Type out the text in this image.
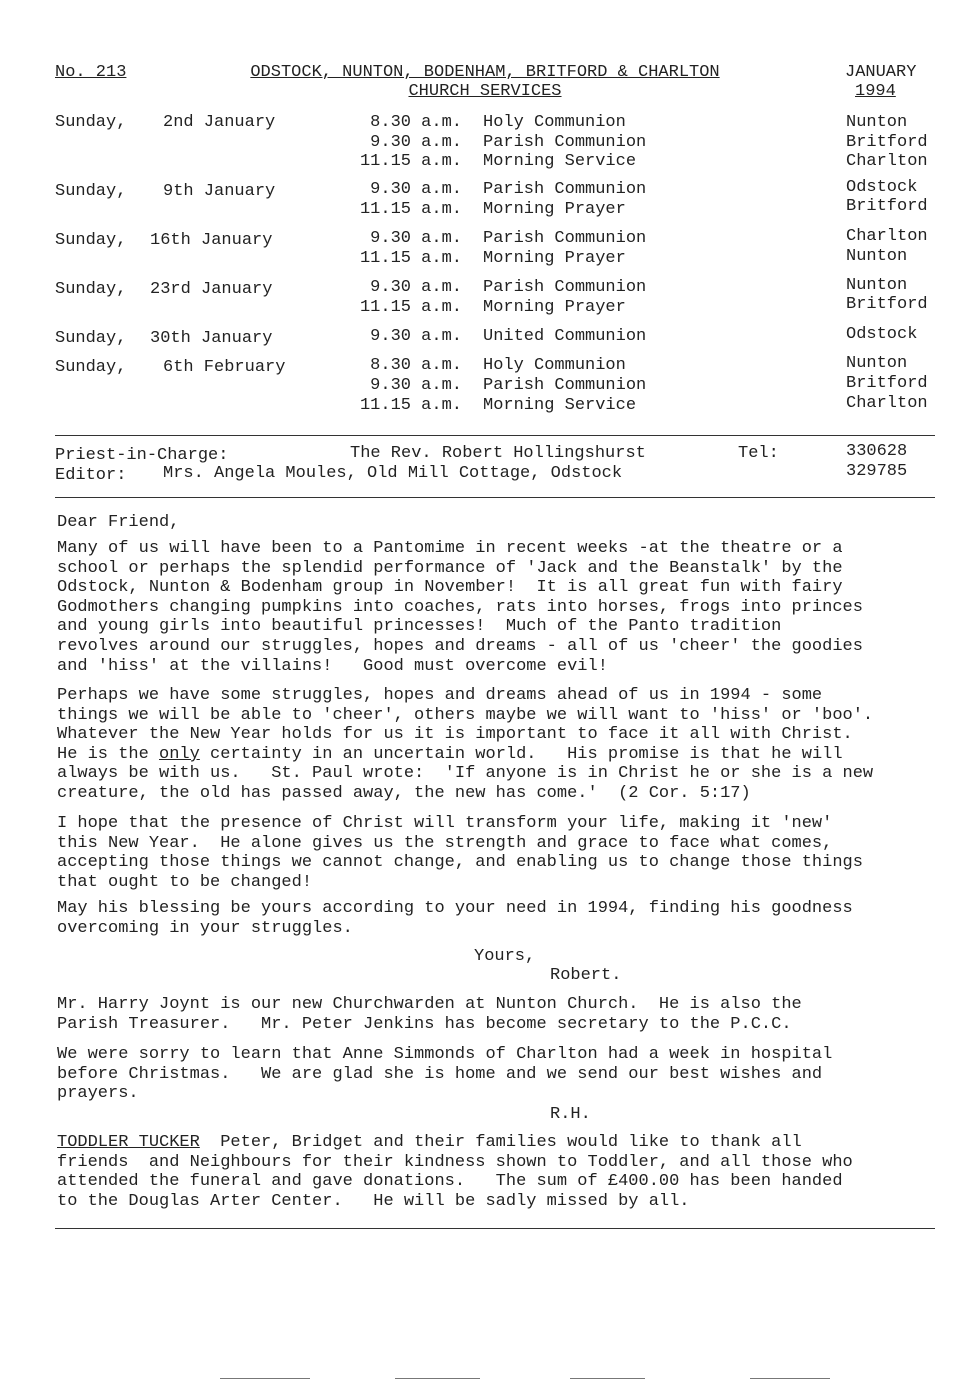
No. 213	ODSTOCK, NUNTON, BODENHAM, BRITFORD & CHARLTON
CHURCH SERVICES
JANUARY
1994
Sunday, 2nd January	8.30 a.m. Holy Communion	Nunton
9.30 a.m. Parish Communion	Britford
11.15 a.m. Morning Service	Charlton
Sunday, 9th January	9.30 a.m. Parish Communion	Odstock
11.15 a.m. Morning Prayer	Britford
Sunday, 16th January	9.30 a.m. Parish Communion	Charlton
11.15 a.m. Morning Prayer	Nunton
Sunday, 23rd January	9.30 a.m. Parish Communion	Nunton
11.15 a.m. Morning Prayer	Britford
Sunday, 30th January	9.30 a.m. United Communion	Odstock
Sunday, 6th February	8.30 a.m. Holy Communion	Nunton
9.30 a.m. Parish Communion	Britford
11.15 a.m. Morning Service	Charlton
Priest-in-Charge:	The Rev. Robert Hollingshurst	Tel:	330628
Editor: Mrs. Angela Moules, Old Mill Cottage, Odstock	329785
Dear Friend,
Many of us will have been to a Pantomime in recent weeks -at the theatre or a
school or perhaps the splendid performance of 'Jack and the Beanstalk' by the
Odstock, Nunton & Bodenham group in November!  It is all great fun with fairy
Godmothers changing pumpkins into coaches, rats into horses, frogs into princes
and young girls into beautiful princesses!  Much of the Panto tradition
revolves around our struggles, hopes and dreams - all of us 'cheer' the goodies
and 'hiss' at the villains!   Good must overcome evil!
Perhaps we have some struggles, hopes and dreams ahead of us in 1994 - some
things we will be able to 'cheer', others maybe we will want to 'hiss' or 'boo'.
Whatever the New Year holds for us it is important to face it all with Christ.
He is the only certainty in an uncertain world.   His promise is that he will
always be with us.   St. Paul wrote:  'If anyone is in Christ he or she is a new
creature, the old has passed away, the new has come.'  (2 Cor. 5:17)
I hope that the presence of Christ will transform your life, making it 'new'
this New Year.  He alone gives us the strength and grace to face what comes,
accepting those things we cannot change, and enabling us to change those things
that ought to be changed!
May his blessing be yours according to your need in 1994, finding his goodness
overcoming in your struggles.
Yours,
Robert.
Mr. Harry Joynt is our new Churchwarden at Nunton Church.  He is also the
Parish Treasurer.   Mr. Peter Jenkins has become secretary to the P.C.C.
We were sorry to learn that Anne Simmonds of Charlton had a week in hospital
before Christmas.   We are glad she is home and we send our best wishes and
prayers.
R.H.
TODDLER TUCKER  Peter, Bridget and their families would like to thank all
friends  and Neighbours for their kindness shown to Toddler, and all those who
attended the funeral and gave donations.   The sum of £400.00 has been handed
to the Douglas Arter Center.   He will be sadly missed by all.
